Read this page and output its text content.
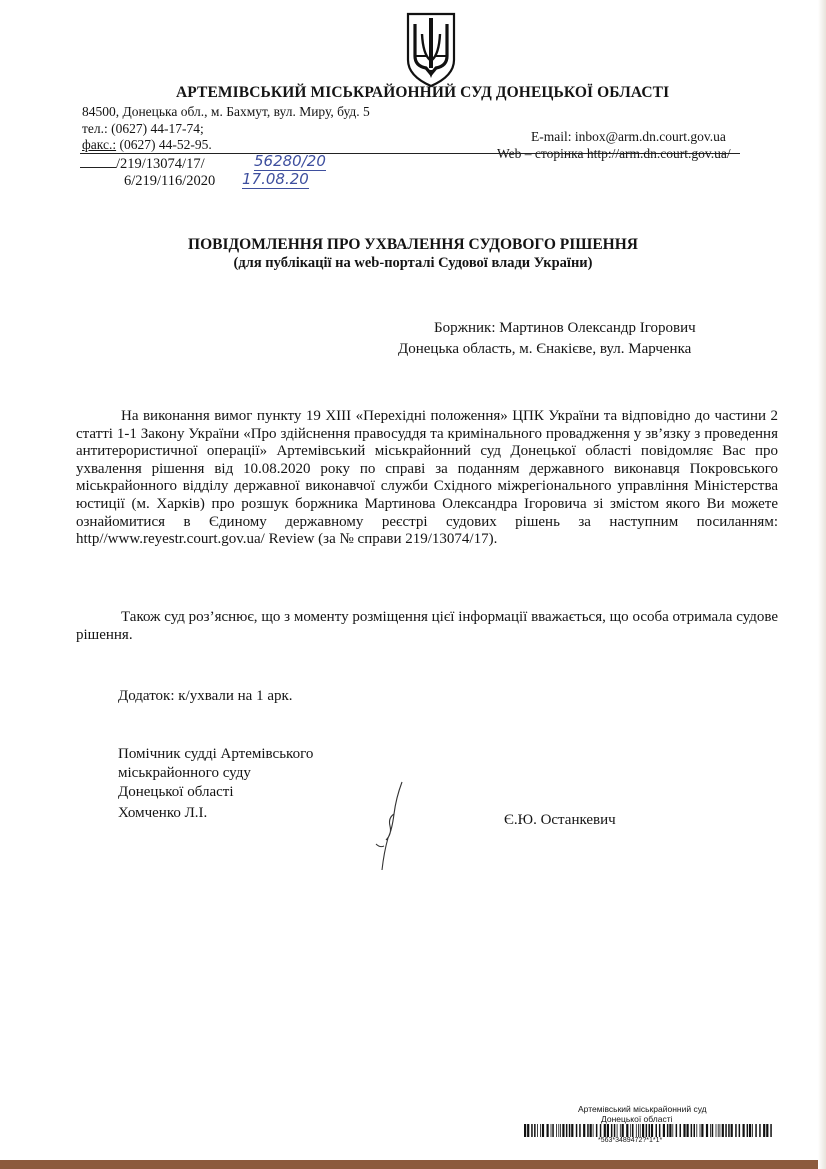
АРТЕМІВСЬКИЙ МІСЬКРАЙОННИЙ СУД ДОНЕЦЬКОЇ ОБЛАСТІ
84500, Донецька обл., м. Бахмут, вул. Миру, буд. 5
тел.: (0627) 44-17-74;
факс.: (0627) 44-52-95.
E-mail: inbox@arm.dn.court.gov.ua
Web – сторінка http://arm.dn.court.gov.ua/
/219/13074/17/	56280/20
6/219/116/2020 17.08.20
ПОВІДОМЛЕННЯ ПРО УХВАЛЕННЯ СУДОВОГО РІШЕННЯ
(для публікації на web-порталі Судової влади України)
Боржник: Мартинов Олександр Ігорович
Донецька область, м. Єнакієве, вул. Марченка

На виконання вимог пункту 19 ХІІІ «Перехідні положення» ЦПК України та відповідно до частини 2 статті 1-1 Закону України «Про здійснення правосуддя та кримінального провадження у зв’язку з проведення антитерористичної операції» Артемівський міськрайонний суд Донецької області повідомляє Вас про ухвалення рішення від 10.08.2020 року по справі за поданням державного виконавця Покровського міськрайонного відділу державної виконавчої служби Східного міжрегіонального управління Міністерства юстиції (м. Харків) про розшук боржника Мартинова Олександра Ігоровича зі змістом якого Ви можете ознайомитися в Єдиному державному реєстрі судових рішень за наступним посиланням: http//www.reyestr.court.gov.ua/ Review (за № справи 219/13074/17).

Також суд роз’яснює, що з моменту розміщення цієї інформації вважається, що особа отримала судове рішення.

Додаток: к/ухвали на 1 арк.
Помічник судді Артемівського
міськрайонного суду
Донецької області
Хомченко Л.І.	Є.Ю. Останкевич
Артемівський міськрайонний суд
Донецької області
*563*3489472?*1*1*
